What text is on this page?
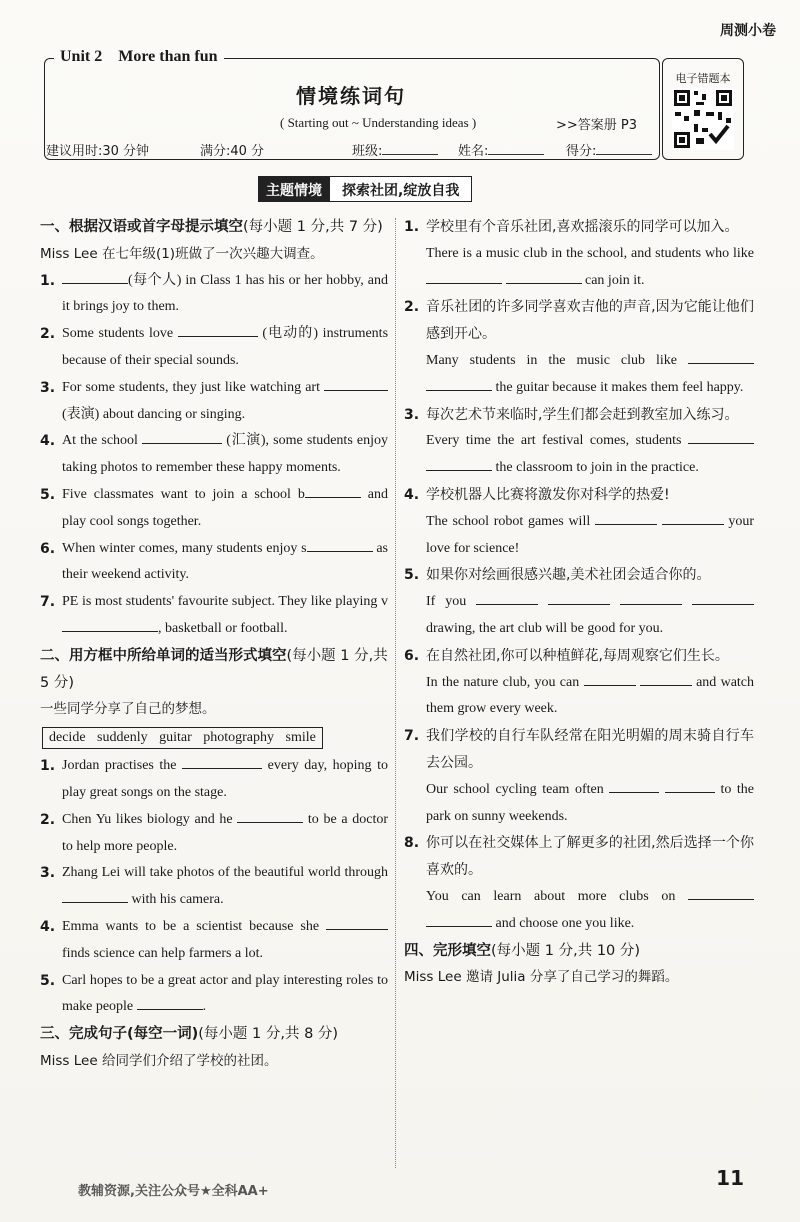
周测小卷
Unit 2 More than fun
情境练词句
( Starting out ~ Understanding ideas )	>>答案册 P3
建议用时:30 分钟	满分:40 分	班级:	姓名:	得分:
电子错题本
主题情境	探索社团,绽放自我
一、根据汉语或首字母提示填空(每小题 1 分,共 7 分)
Miss Lee 在七年级(1)班做了一次兴趣大调查。
1.	(每个人) in Class 1 has his or her hobby, and it brings joy to them.
2. Some students love	(电动的) instruments because of their special sounds.
3. For some students, they just like watching art (表演) about dancing or singing.
4. At the school	(汇演), some students enjoy taking photos to remember these happy moments.
5. Five classmates want to join a school b	and play cool songs together.
6. When winter comes, many students enjoy s	as their weekend activity.
7. PE is most students' favourite subject. They like playing v, basketball or football.
二、用方框中所给单词的适当形式填空(每小题 1 分,共 5 分)
一些同学分享了自己的梦想。
decide suddenly guitar photography smile
1. Jordan practises the	every day, hoping to play great songs on the stage.
2. Chen Yu likes biology and he	to be a doctor to help more people.
3. Zhang Lei will take photos of the beautiful world through  with his camera.
4. Emma wants to be a scientist because she  finds science can help farmers a lot.
5. Carl hopes to be a great actor and play interesting roles to make people	.
三、完成句子(每空一词)(每小题 1 分,共 8 分)
Miss Lee 给同学们介绍了学校的社团。
1. 学校里有个音乐社团,喜欢摇滚乐的同学可以加入。
There is a music club in the school, and students who like   can join it.
2. 音乐社团的许多同学喜欢吉他的声音,因为它能让他们感到开心。
Many students in the music club like   the guitar because it makes them feel happy.
3. 每次艺术节来临时,学生们都会赶到教室加入练习。
Every time the art festival comes, students   the classroom to join in the practice.
4. 学校机器人比赛将激发你对科学的热爱!
The school robot games will	your love for science!
5. 如果你对绘画很感兴趣,美术社团会适合你的。
If you     drawing, the art club will be good for you.
6. 在自然社团,你可以种植鲜花,每周观察它们生长。
In the nature club, you can	and watch them grow every week.
7. 我们学校的自行车队经常在阳光明媚的周末骑自行车去公园。
Our school cycling team often	to the park on sunny weekends.
8. 你可以在社交媒体上了解更多的社团,然后选择一个你喜欢的。
You can learn about more clubs on   and choose one you like.
四、完形填空(每小题 1 分,共 10 分)
Miss Lee 邀请 Julia 分享了自己学习的舞蹈。
教辅资源,关注公众号★全科AA+
11
